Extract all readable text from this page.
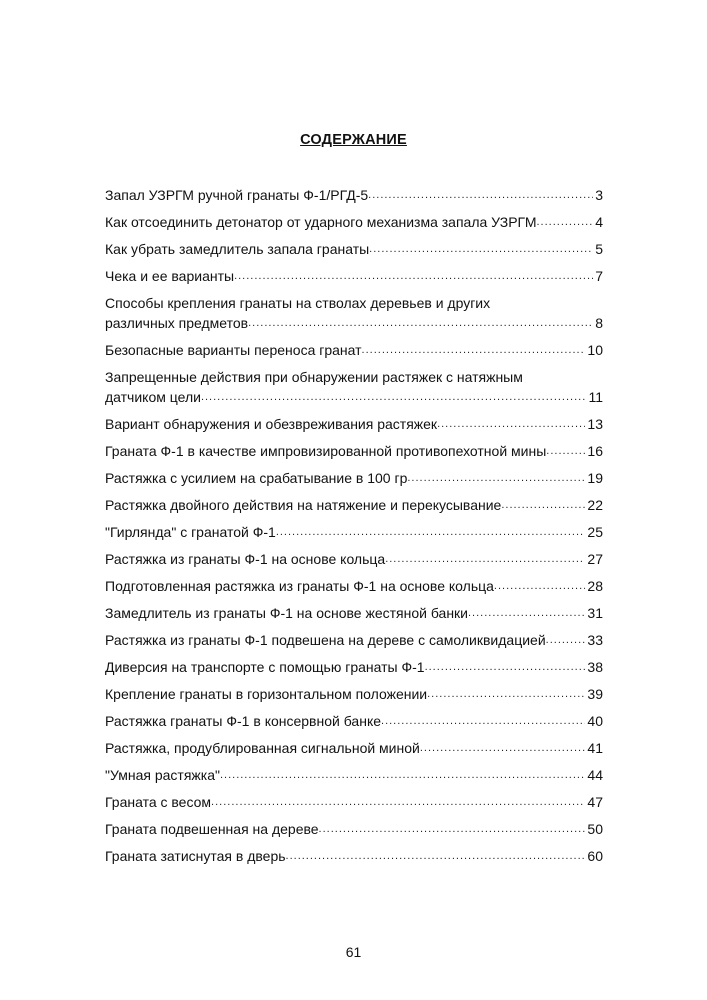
СОДЕРЖАНИЕ
Запал УЗРГМ ручной гранаты Ф-1/РГД-5 .....	3
Как отсоединить детонатор от ударного механизма запала УЗРГМ .....	4
Как убрать замедлитель запала гранаты .....	5
Чека и ее варианты .....	7
Способы крепления гранаты на стволах деревьев и других
различных предметов .....	8
Безопасные варианты переноса гранат .....	10
Запрещенные действия при обнаружении растяжек с натяжным
датчиком цели .....	11
Вариант обнаружения и обезвреживания растяжек .....	13
Граната Ф-1 в качестве импровизированной противопехотной мины .....	16
Растяжка с усилием на срабатывание в 100 гр .....	19
Растяжка двойного действия на натяжение и перекусывание .....	22
"Гирлянда" с гранатой Ф-1 .....	25
Растяжка из гранаты Ф-1 на основе кольца .....	27
Подготовленная растяжка из гранаты Ф-1 на основе кольца .....	28
Замедлитель из гранаты Ф-1 на основе жестяной банки .....	31
Растяжка из гранаты Ф-1 подвешена на дереве с самоликвидацией .....	33
Диверсия на транспорте с помощью гранаты Ф-1 .....	38
Крепление гранаты в горизонтальном положении .....	39
Растяжка гранаты Ф-1 в консервной банке .....	40
Растяжка, продублированная сигнальной миной .....	41
"Умная растяжка" .....	44
Граната с весом .....	47
Граната подвешенная на дереве .....	50
Граната затиснутая в дверь .....	60
61
